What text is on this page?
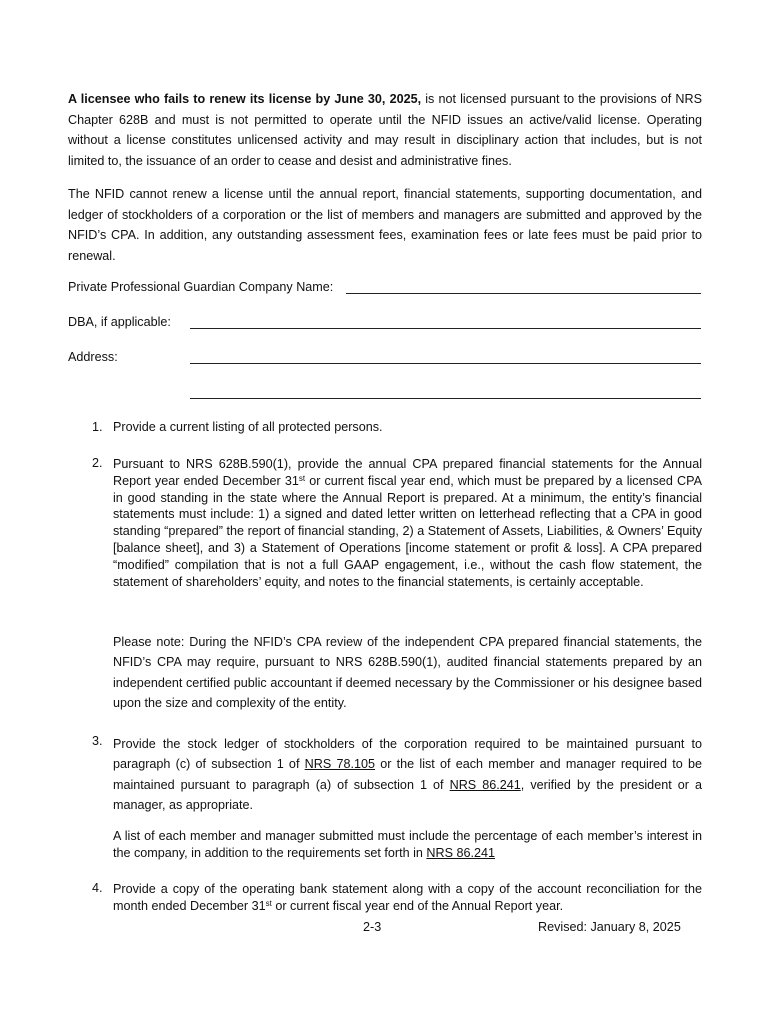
A licensee who fails to renew its license by June 30, 2025, is not licensed pursuant to the provisions of NRS Chapter 628B and must is not permitted to operate until the NFID issues an active/valid license. Operating without a license constitutes unlicensed activity and may result in disciplinary action that includes, but is not limited to, the issuance of an order to cease and desist and administrative fines.
The NFID cannot renew a license until the annual report, financial statements, supporting documentation, and ledger of stockholders of a corporation or the list of members and managers are submitted and approved by the NFID’s CPA. In addition, any outstanding assessment fees, examination fees or late fees must be paid prior to renewal.
Private Professional Guardian Company Name:
DBA, if applicable:
Address:
1. Provide a current listing of all protected persons.
2. Pursuant to NRS 628B.590(1), provide the annual CPA prepared financial statements for the Annual Report year ended December 31st or current fiscal year end, which must be prepared by a licensed CPA in good standing in the state where the Annual Report is prepared. At a minimum, the entity’s financial statements must include: 1) a signed and dated letter written on letterhead reflecting that a CPA in good standing “prepared” the report of financial standing, 2) a Statement of Assets, Liabilities, & Owners’ Equity [balance sheet], and 3) a Statement of Operations [income statement or profit & loss]. A CPA prepared “modified” compilation that is not a full GAAP engagement, i.e., without the cash flow statement, the statement of shareholders’ equity, and notes to the financial statements, is certainly acceptable.
Please note: During the NFID’s CPA review of the independent CPA prepared financial statements, the NFID’s CPA may require, pursuant to NRS 628B.590(1), audited financial statements prepared by an independent certified public accountant if deemed necessary by the Commissioner or his designee based upon the size and complexity of the entity.
3. Provide the stock ledger of stockholders of the corporation required to be maintained pursuant to paragraph (c) of subsection 1 of NRS 78.105 or the list of each member and manager required to be maintained pursuant to paragraph (a) of subsection 1 of NRS 86.241, verified by the president or a manager, as appropriate.
A list of each member and manager submitted must include the percentage of each member’s interest in the company, in addition to the requirements set forth in NRS 86.241
4. Provide a copy of the operating bank statement along with a copy of the account reconciliation for the month ended December 31st or current fiscal year end of the Annual Report year.
2-3	Revised: January 8, 2025
